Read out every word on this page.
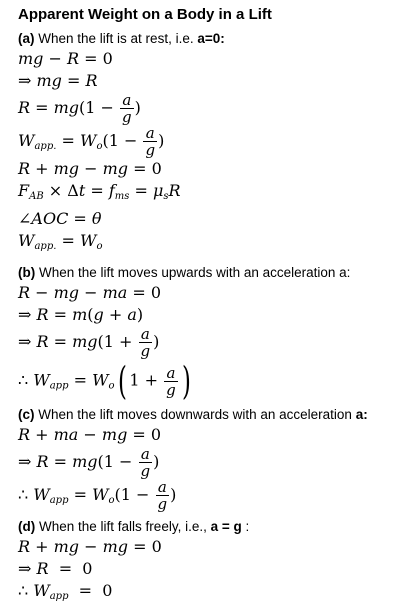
Apparent Weight on a Body in a Lift
(a) When the lift is at rest, i.e. a=0:
mg − R = 0
⇒ mg = R
$R = mg(1 - \frac{a}{g}$ )
$W_{app.} = W_o(1 - \frac{a}{g}$ )
R + mg − mg = 0
$F_{AB} \times \Delta t = f_{ms} = \mu_sR$
∠AOC = θ
$W_{app.} = W_o$
(b) When the lift moves upwards with an acceleration a:
R − mg − ma = 0
⇒ R = m(g + a)
⇒ $R = mg(1 + \frac{a}{g}$ )
∴ $W_{app} = W_o$( $1 + \frac{a}{g}$ )
(c) When the lift moves downwards with an acceleration a:
R + ma − mg = 0
⇒ $R = mg(1 - \frac{a}{g}$ )
∴ $W_{app} = W_o(1 - \frac{a}{g}$ )
(d) When the lift falls freely, i.e., a = g :
R + mg − mg = 0
⇒ R  =  0
∴ $W_{app} = 0$
